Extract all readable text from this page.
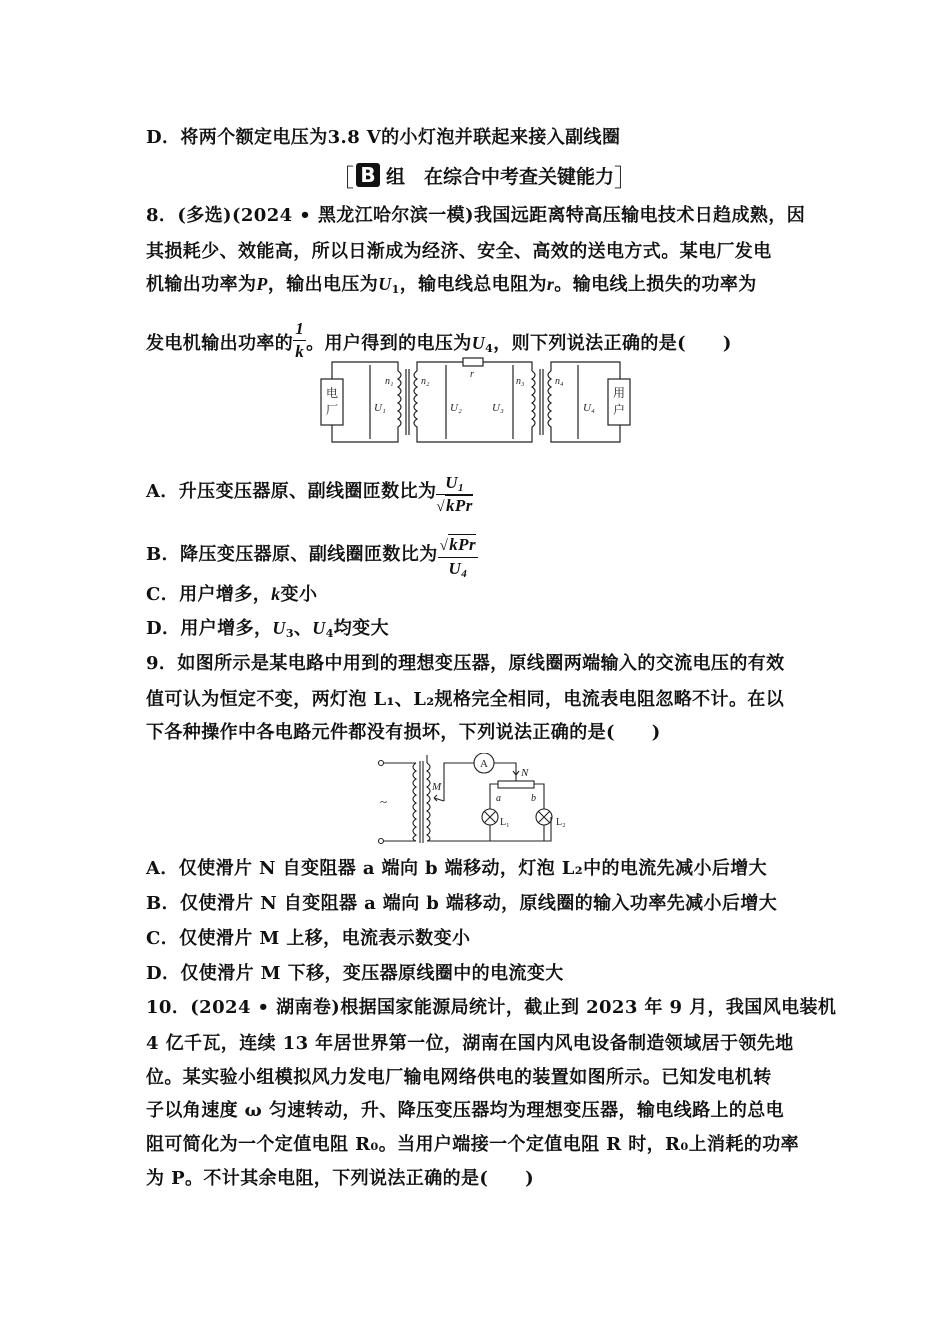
D．将两个额定电压为3.8 V的小灯泡并联起来接入副线圈
［ B 组　在综合中考查关键能力 ］
8．(多选)(2024 • 黑龙江哈尔滨一模)我国远距离特高压输电技术日趋成熟，因
其损耗少、效能高，所以日渐成为经济、安全、高效的送电方式。某电厂发电
机输出功率为P，输出电压为$U_1$，输电线总电阻为r。输电线上损失的功率为
发电机输出功率的 $\frac{1}{k}$ 。用户得到的电压为$U_4$，则下列说法正确的是(　　)
电
厂	U₁
n₁	n₂
r
U₂	U₃
n₃	n₄
U₄
用
户
A．升压变压器原、副线圈匝数比为 $\frac{U_1}{\text{√kPr}}$
B．降压变压器原、副线圈匝数比为 $\frac{\text{√kPr}}{U_4}$
C．用户增多，k变小
D．用户增多，$U_3$、$U_4$均变大
9．如图所示是某电路中用到的理想变压器，原线圈两端输入的交流电压的有效
值可认为恒定不变，两灯泡 L₁、L₂规格完全相同，电流表电阻忽略不计。在以
下各种操作中各电路元件都没有损坏，下列说法正确的是(　　)
~
M
A
N
a	b
L₁	L₂
A．仅使滑片 N 自变阻器 a 端向 b 端移动，灯泡 L₂中的电流先减小后增大
B．仅使滑片 N 自变阻器 a 端向 b 端移动，原线圈的输入功率先减小后增大
C．仅使滑片 M 上移，电流表示数变小
D．仅使滑片 M 下移，变压器原线圈中的电流变大
10．(2024 • 湖南卷)根据国家能源局统计，截止到 2023 年 9 月，我国风电装机
4 亿千瓦，连续 13 年居世界第一位，湖南在国内风电设备制造领域居于领先地
位。某实验小组模拟风力发电厂输电网络供电的装置如图所示。已知发电机转
子以角速度 ω 匀速转动，升、降压变压器均为理想变压器，输电线路上的总电
阻可简化为一个定值电阻 R₀。当用户端接一个定值电阻 R 时，R₀上消耗的功率
为 P。不计其余电阻，下列说法正确的是(　　)
